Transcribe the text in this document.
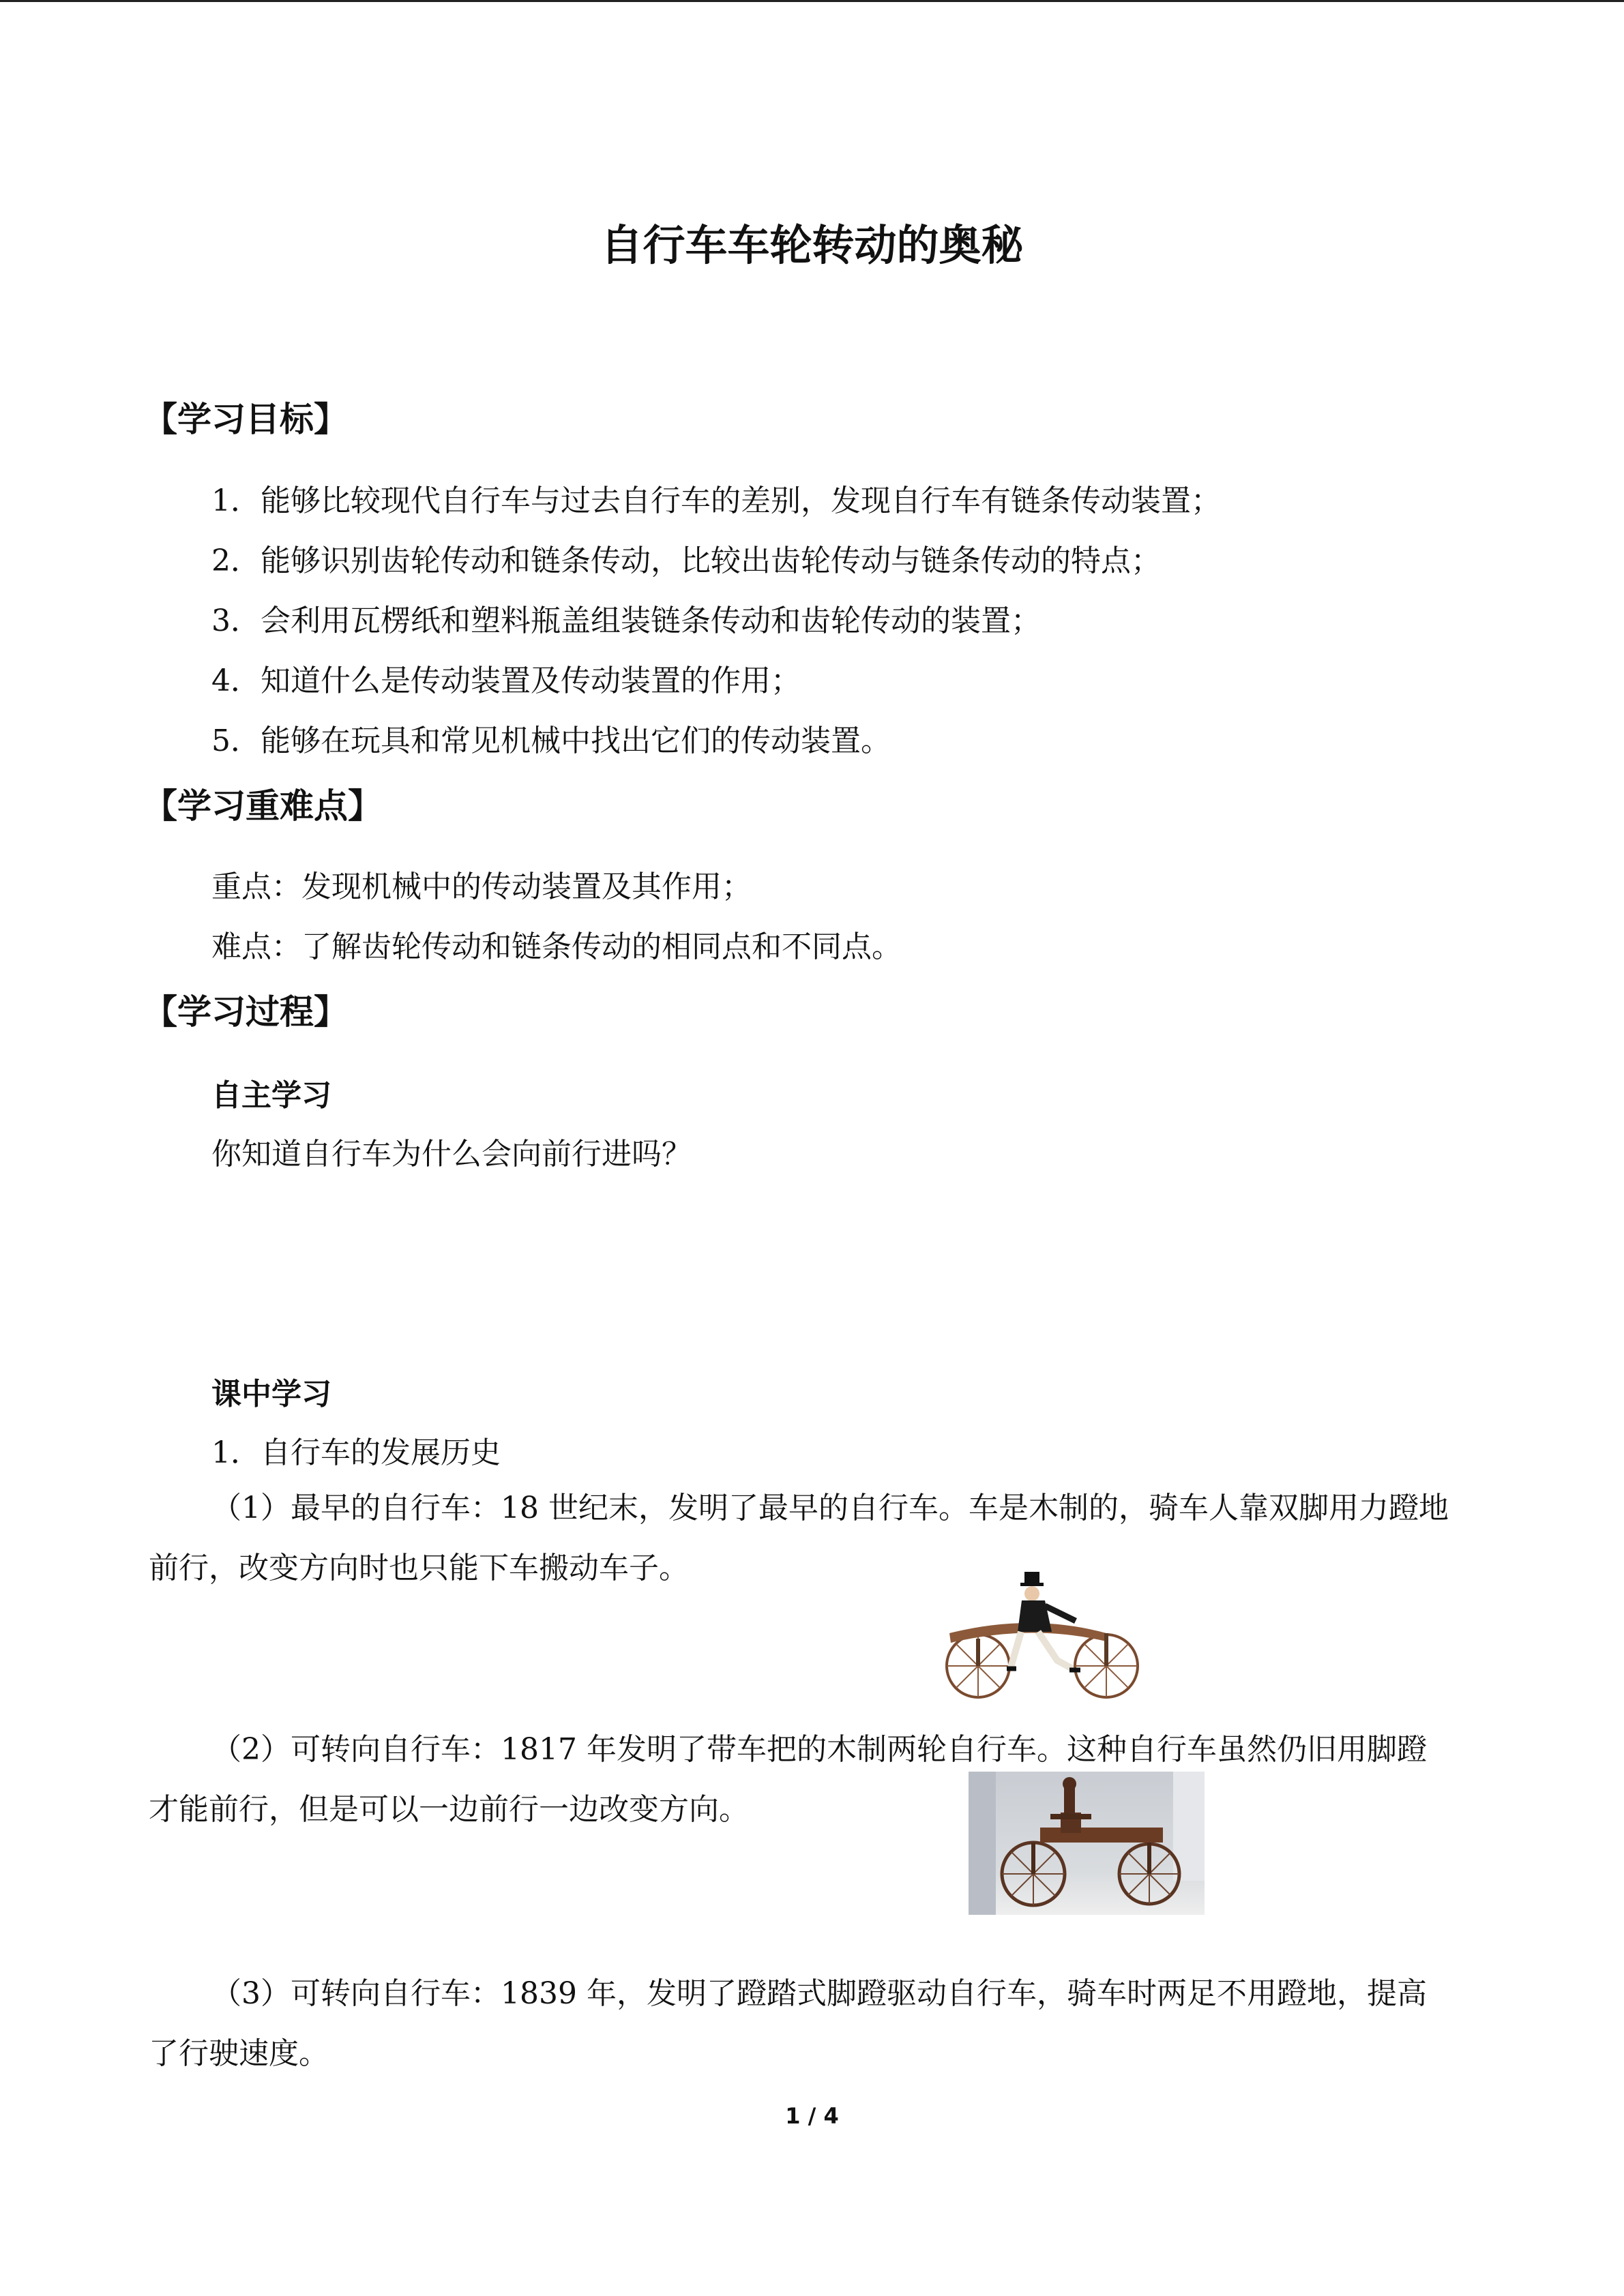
自行车车轮转动的奥秘
【学习目标】
1．能够比较现代自行车与过去自行车的差别，发现自行车有链条传动装置；
2．能够识别齿轮传动和链条传动，比较出齿轮传动与链条传动的特点；
3．会利用瓦楞纸和塑料瓶盖组装链条传动和齿轮传动的装置；
4．知道什么是传动装置及传动装置的作用；
5．能够在玩具和常见机械中找出它们的传动装置。
【学习重难点】
重点：发现机械中的传动装置及其作用；
难点：了解齿轮传动和链条传动的相同点和不同点。
【学习过程】
自主学习
你知道自行车为什么会向前行进吗？
课中学习
1．自行车的发展历史
（1）最早的自行车：18 世纪末，发明了最早的自行车。车是木制的，骑车人靠双脚用力蹬地前行，改变方向时也只能下车搬动车子。
（2）可转向自行车：1817 年发明了带车把的木制两轮自行车。这种自行车虽然仍旧用脚蹬才能前行，但是可以一边前行一边改变方向。
（3）可转向自行车：1839 年，发明了蹬踏式脚蹬驱动自行车，骑车时两足不用蹬地，提高了行驶速度。
1 / 4
